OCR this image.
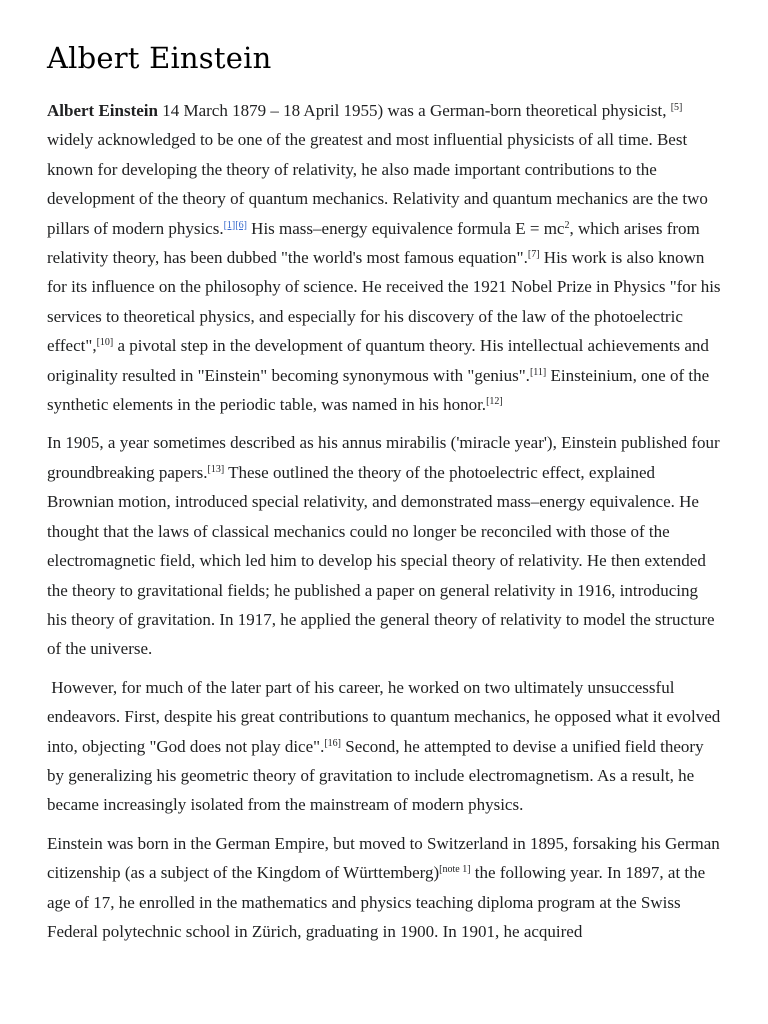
Albert Einstein

Albert Einstein 14 March 1879 – 18 April 1955) was a German-born theoretical physicist, [5] widely acknowledged to be one of the greatest and most influential physicists of all time. Best known for developing the theory of relativity, he also made important contributions to the development of the theory of quantum mechanics. Relativity and quantum mechanics are the two pillars of modern physics.[1][6] His mass–energy equivalence formula $E = mc^2$, which arises from relativity theory, has been dubbed "the world's most famous equation".[7] His work is also known for its influence on the philosophy of science. He received the 1921 Nobel Prize in Physics "for his services to theoretical physics, and especially for his discovery of the law of the photoelectric effect",[10] a pivotal step in the development of quantum theory. His intellectual achievements and originality resulted in "Einstein" becoming synonymous with "genius".[11] Einsteinium, one of the synthetic elements in the periodic table, was named in his honor.[12]

In 1905, a year sometimes described as his annus mirabilis ('miracle year'), Einstein published four groundbreaking papers.[13] These outlined the theory of the photoelectric effect, explained Brownian motion, introduced special relativity, and demonstrated mass–energy equivalence. He thought that the laws of classical mechanics could no longer be reconciled with those of the electromagnetic field, which led him to develop his special theory of relativity. He then extended the theory to gravitational fields; he published a paper on general relativity in 1916, introducing his theory of gravitation. In 1917, he applied the general theory of relativity to model the structure of the universe.

However, for much of the later part of his career, he worked on two ultimately unsuccessful endeavors. First, despite his great contributions to quantum mechanics, he opposed what it evolved into, objecting "God does not play dice".[16] Second, he attempted to devise a unified field theory by generalizing his geometric theory of gravitation to include electromagnetism. As a result, he became increasingly isolated from the mainstream of modern physics.

Einstein was born in the German Empire, but moved to Switzerland in 1895, forsaking his German citizenship (as a subject of the Kingdom of Württemberg)[note 1] the following year. In 1897, at the age of 17, he enrolled in the mathematics and physics teaching diploma program at the Swiss Federal polytechnic school in Zürich, graduating in 1900. In 1901, he acquired
